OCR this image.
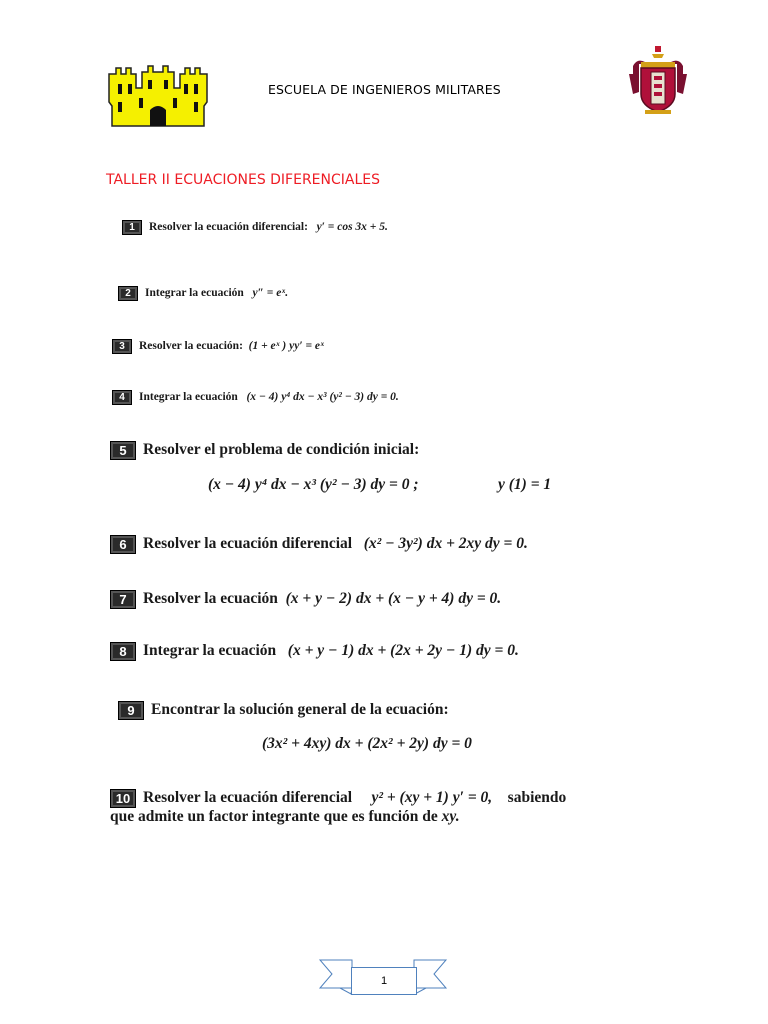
ESCUELA DE INGENIEROS MILITARES
TALLER II ECUACIONES DIFERENCIALES
1 Resolver la ecuación diferencial: y′ = cos 3x + 5.
2 Integrar la ecuación y″ = eˣ.
3 Resolver la ecuación: (1 + eˣ ) yy′ = eˣ
4 Integrar la ecuación (x − 4) y⁴ dx − x³ (y² − 3) dy = 0.
5 Resolver el problema de condición inicial:
(x − 4) y⁴ dx − x³ (y² − 3) dy = 0 ;	y (1) = 1
6 Resolver la ecuación diferencial (x² − 3y²) dx + 2xy dy = 0.
7 Resolver la ecuación (x + y − 2) dx + (x − y + 4) dy = 0.
8 Integrar la ecuación (x + y − 1) dx + (2x + 2y − 1) dy = 0.
9 Encontrar la solución general de la ecuación:
(3x² + 4xy) dx + (2x² + 2y) dy = 0
10 Resolver la ecuación diferencial y² + (xy + 1) y′ = 0, sabiendo
que admite un factor integrante que es función de xy.
1
